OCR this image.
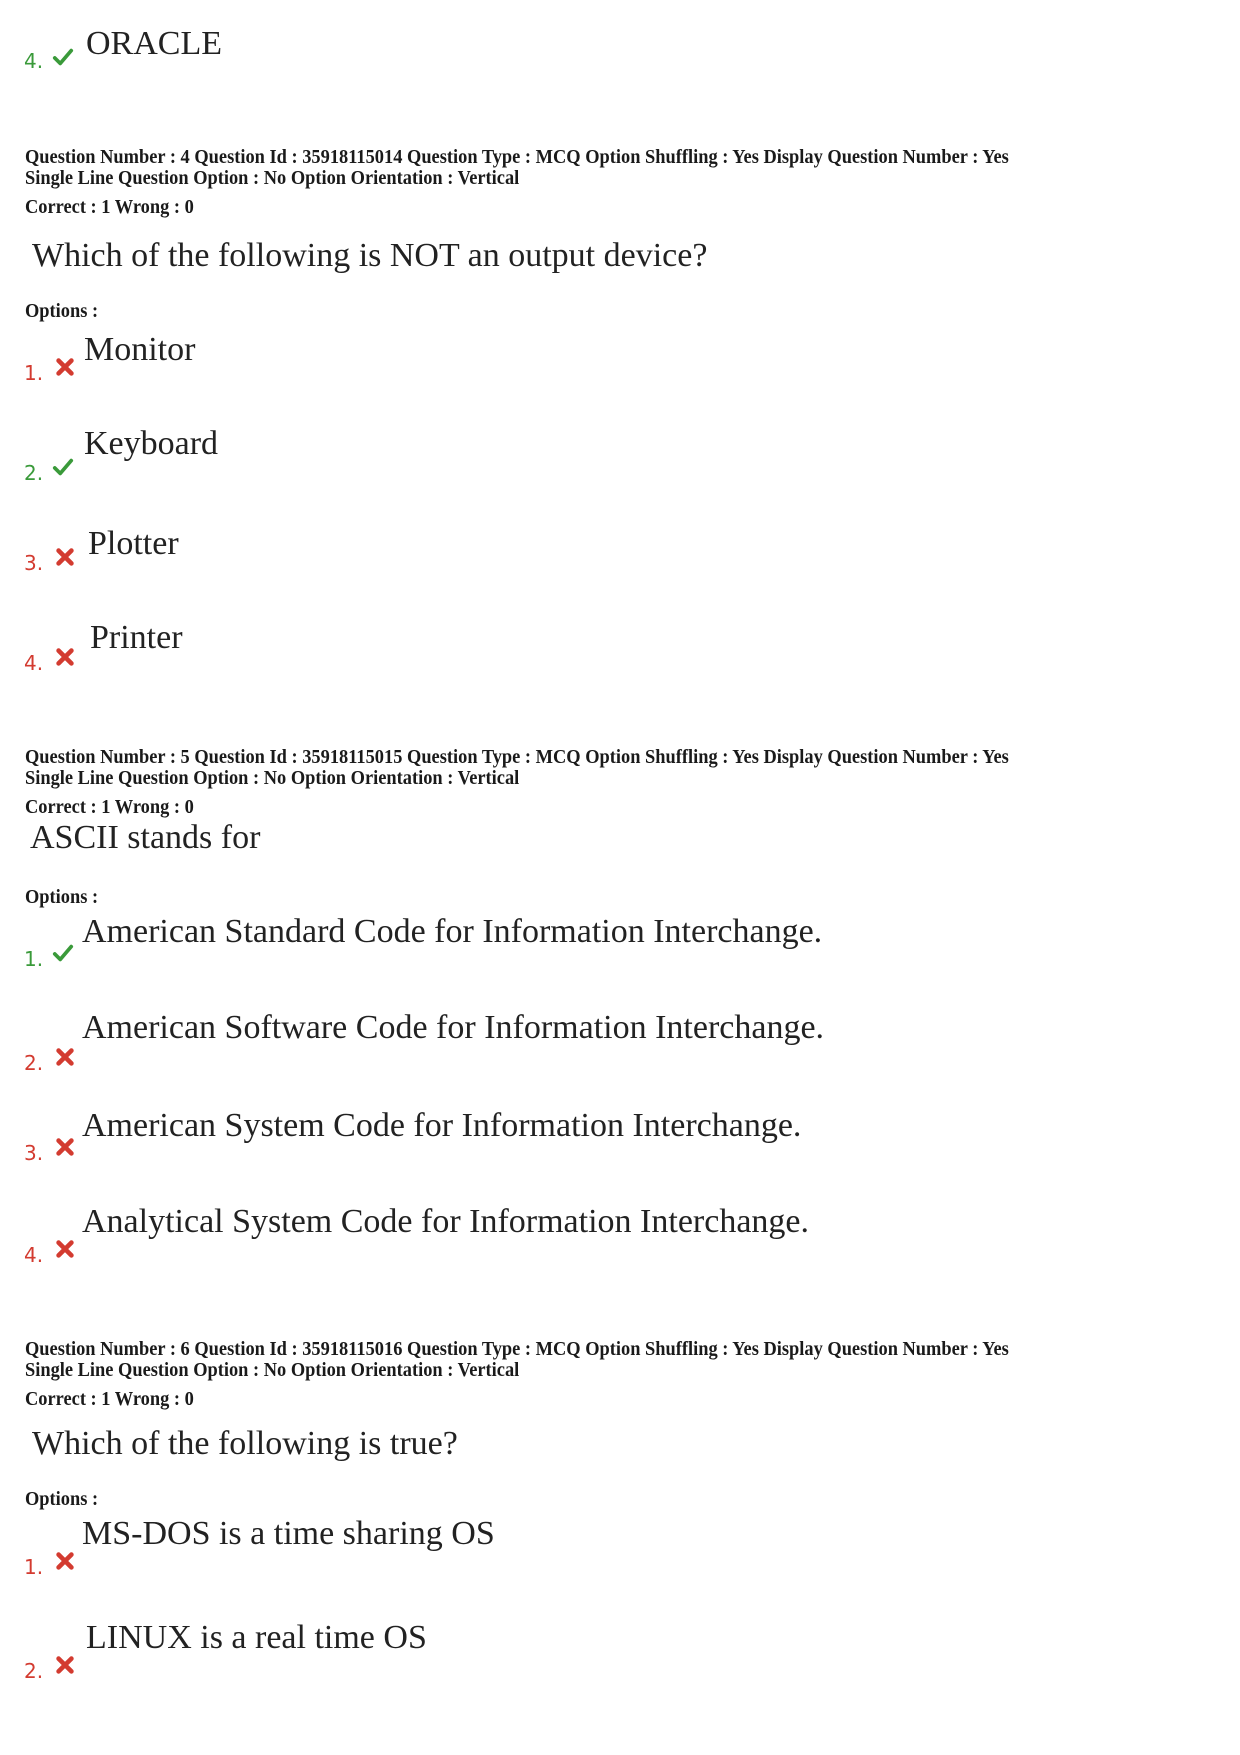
4. ORACLE
Question Number : 4 Question Id : 35918115014 Question Type : MCQ Option Shuffling : Yes Display Question Number : Yes
Single Line Question Option : No Option Orientation : Vertical
Correct : 1 Wrong : 0
Which of the following is NOT an output device?
Options :
1.
Monitor
2.
Keyboard
3.
Plotter
4.
Printer
Question Number : 5 Question Id : 35918115015 Question Type : MCQ Option Shuffling : Yes Display Question Number : Yes
Single Line Question Option : No Option Orientation : Vertical
Correct : 1 Wrong : 0
ASCII stands for
Options :
1.
American Standard Code for Information Interchange.
2.
American Software Code for Information Interchange.
3.
American System Code for Information Interchange.
4.
Analytical System Code for Information Interchange.
Question Number : 6 Question Id : 35918115016 Question Type : MCQ Option Shuffling : Yes Display Question Number : Yes
Single Line Question Option : No Option Orientation : Vertical
Correct : 1 Wrong : 0
Which of the following is true?
Options :
1.
MS-DOS is a time sharing OS
2.
LINUX is a real time OS
